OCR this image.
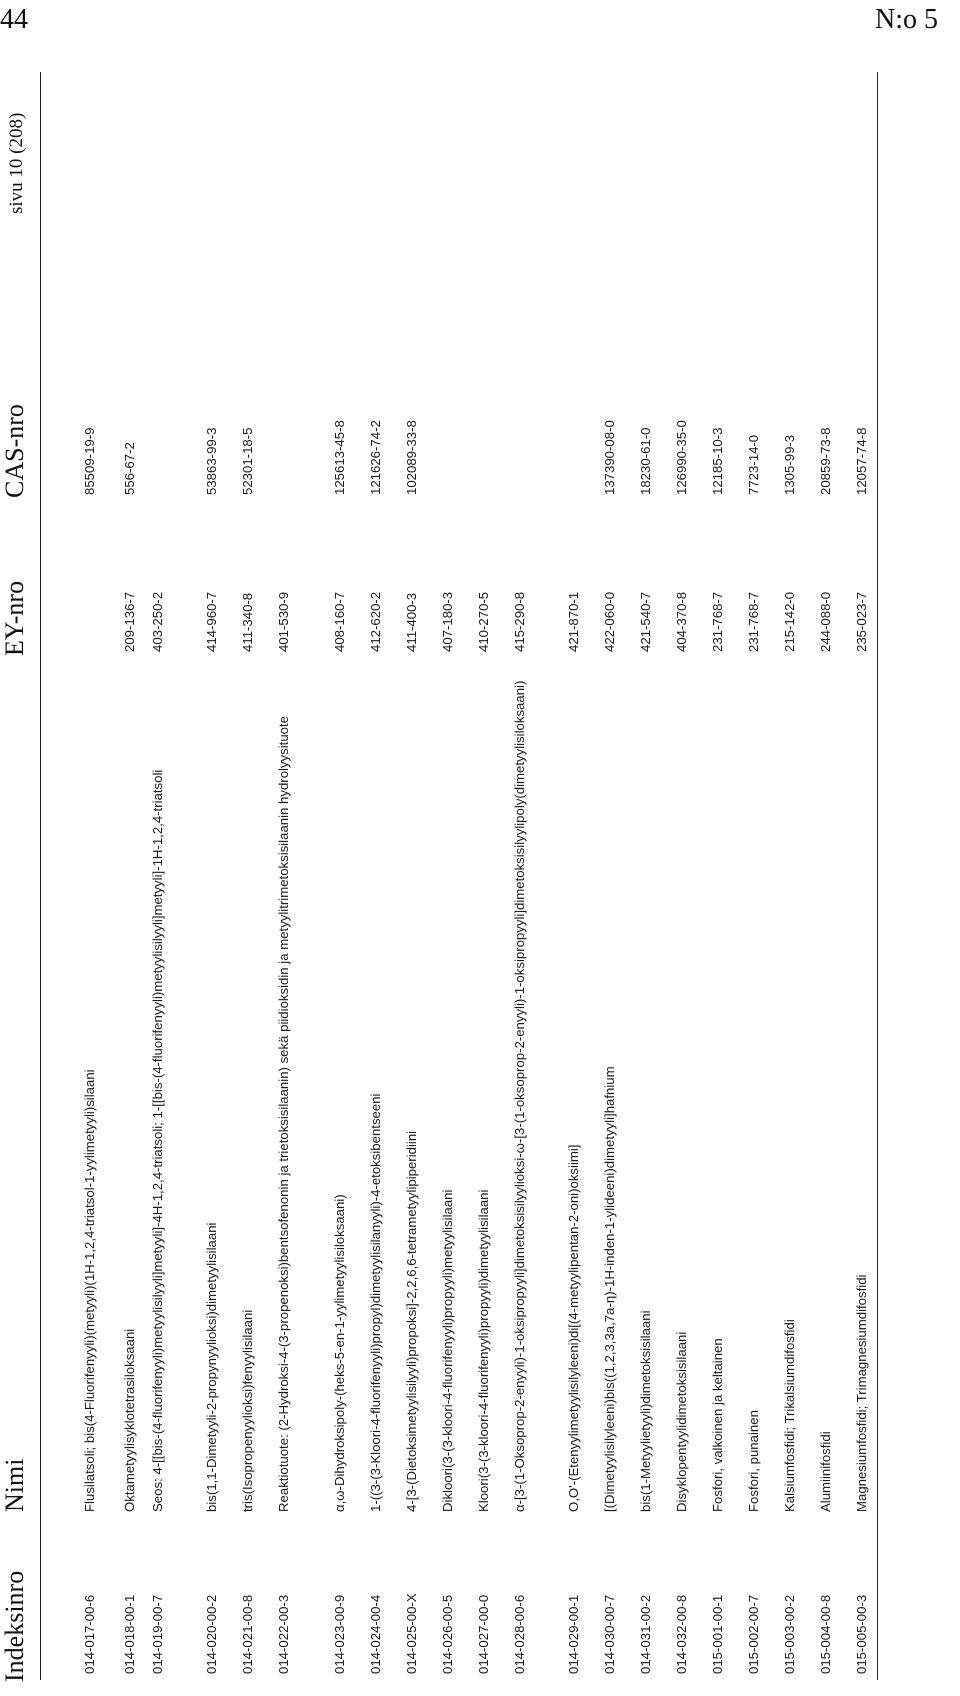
44	N:o 5
Indeksinro
Nimi
EY-nro
CAS-nro
sivu 10 (208)
014-017-00-6
Flusilatsoli; bis(4-Fluorifenyyli)(metyyli)(1H-1,2,4-triatsol-1-yylimetyyli)silaani
85509-19-9
014-018-00-1
Oktametyylisyklotetrasiloksaani
209-136-7
556-67-2
014-019-00-7
Seos: 4-[[bis-(4-fluorifenyyli)metyylisilyyli]metyyli]-4H-1,2,4-triatsoli; 1-[[bis-(4-fluorifenyyli)metyylisilyyli]metyyli]-1H-1,2,4-triatsoli
403-250-2
014-020-00-2
bis(1,1-Dimetyyli-2-propynyylioksi)dimetyylisilaani
414-960-7
53863-99-3
014-021-00-8
tris(Isopropenyylioksi)fenyylisilaani
411-340-8
52301-18-5
014-022-00-3
Reaktiotuote: (2-Hydroksi-4-(3-propenoksi)bentsofenonin ja trietoksisilaanin) sekä piidioksidin ja metyylitrimetoksisilaanin hydrolyysituote
401-530-9
014-023-00-9
α,ω-Dihydroksipoly-(heks-5-en-1-yylimetyylisiloksaani)
408-160-7
125613-45-8
014-024-00-4
1-((3-(3-Kloori-4-fluorifenyyli)propyl)dimetyylisilanyyli)-4-etoksibentseeni
412-620-2
121626-74-2
014-025-00-X
4-[3-(Dietoksimetyylisilyyli)propoksi]-2,2,6,6-tetrametyylipiperidiini
411-400-3
102089-33-8
014-026-00-5
Dikloori(3-(3-kloori-4-fluorifenyyli)propyyli)metyylisilaani
407-180-3
014-027-00-0
Kloori(3-(3-kloori-4-fluorifenyyli)propyyli)dimetyylisilaani
410-270-5
014-028-00-6
α-[3-(1-Oksoprop-2-enyyli)-1-oksipropyyli]dimetoksisilyylioksi-ω-[3-(1-oksoprop-2-enyyli)-1-oksipropyyli]dimetoksisilyylipoly(dimetyylisiloksaani)
415-290-8
014-029-00-1
O,O'-(Etenyylimetyylisilyleeni)di[(4-metyylipentan-2-oni)oksiimi]
421-870-1
014-030-00-7
[(Dimetyylisilyleeni)bis((1,2,3,3a,7a-η)-1H-inden-1-ylideeni)dimetyyli]hafnium
422-060-0
137390-08-0
014-031-00-2
bis(1-Metyylietyyli)dimetoksisilaani
421-540-7
18230-61-0
014-032-00-8
Disyklopentyylidimetoksisilaani
404-370-8
126990-35-0
015-001-00-1
Fosfori, valkoinen ja keltainen
231-768-7
12185-10-3
015-002-00-7
Fosfori, punainen
231-768-7
7723-14-0
015-003-00-2
Kalsiumfosfidi; Trikalsiumdifosfidi
215-142-0
1305-99-3
015-004-00-8
Alumiinifosfidi
244-088-0
20859-73-8
015-005-00-3
Magnesiumfosfidi; Trimagnesiumdifosfidi
235-023-7
12057-74-8
